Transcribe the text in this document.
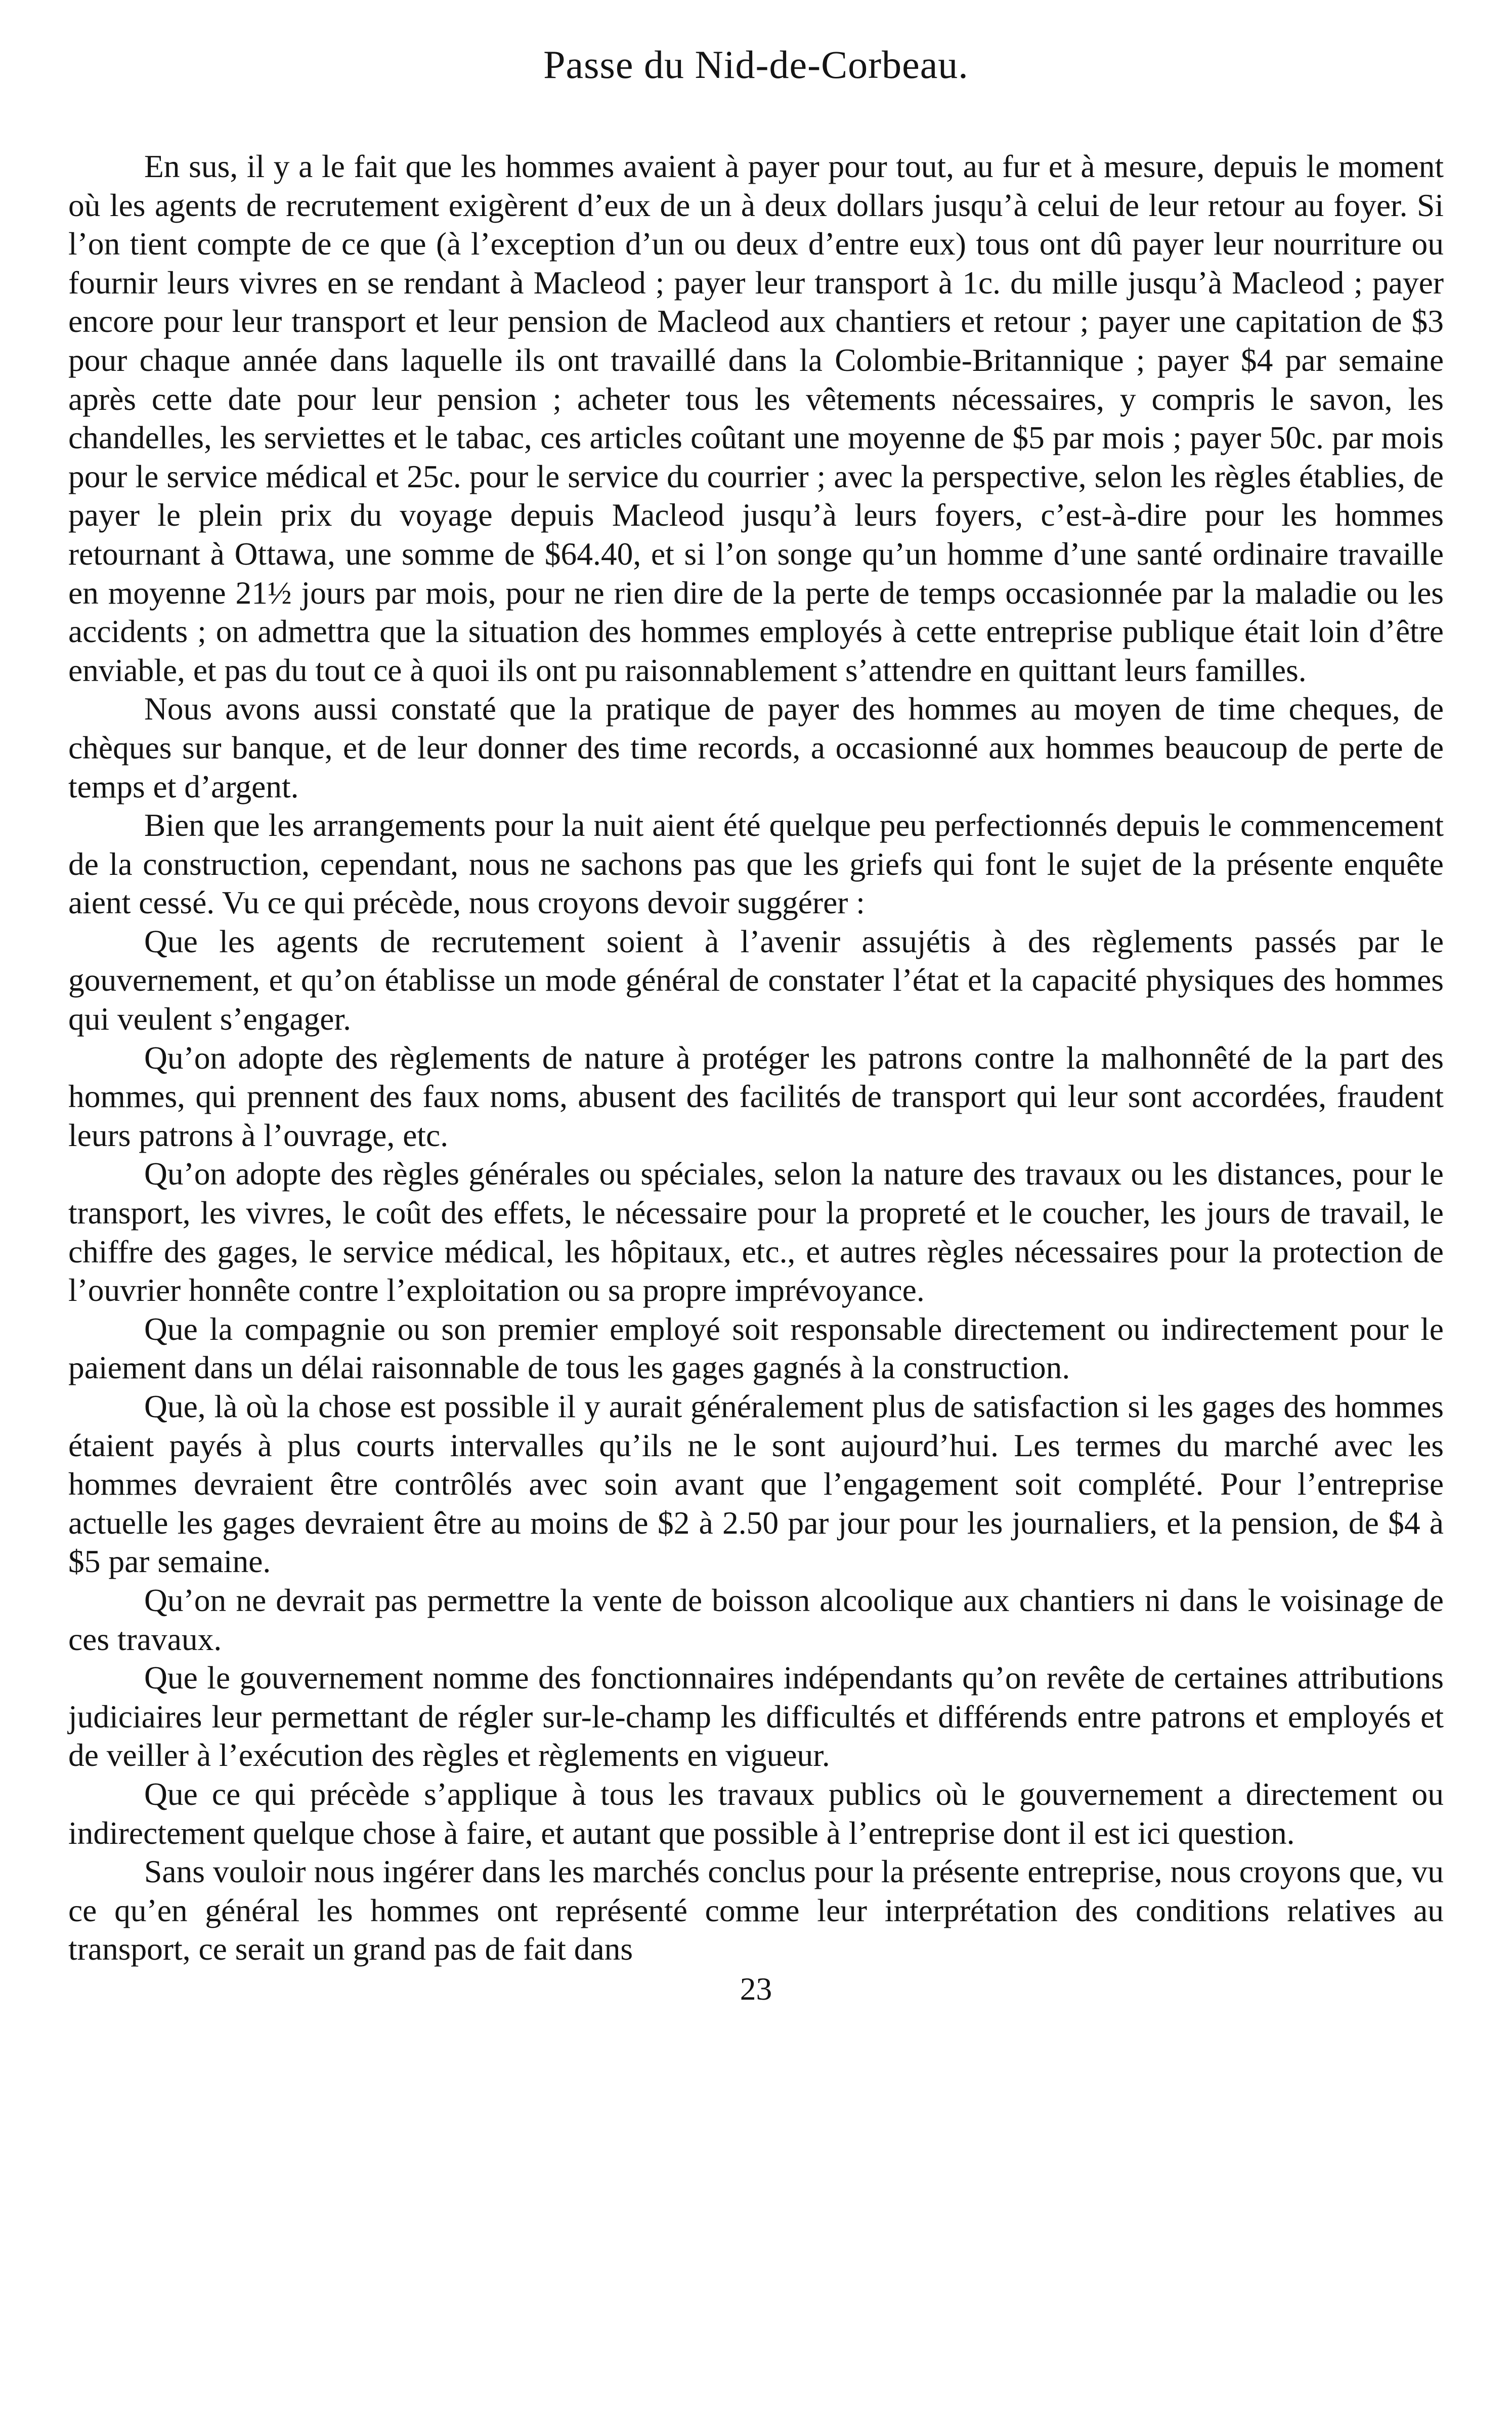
Passe du Nid-de-Corbeau.

En sus, il y a le fait que les hommes avaient à payer pour tout, au fur et à mesure, depuis le moment où les agents de recrutement exigèrent d’eux de un à deux dollars jusqu’à celui de leur retour au foyer. Si l’on tient compte de ce que (à l’exception d’un ou deux d’entre eux) tous ont dû payer leur nourriture ou fournir leurs vivres en se rendant à Macleod ; payer leur transport à 1c. du mille jusqu’à Macleod ; payer encore pour leur transport et leur pension de Macleod aux chantiers et retour ; payer une capitation de $3 pour chaque année dans laquelle ils ont travaillé dans la Colombie-Britannique ; payer $4 par semaine après cette date pour leur pension ; acheter tous les vêtements nécessaires, y compris le savon, les chandelles, les serviettes et le tabac, ces articles coûtant une moyenne de $5 par mois ; payer 50c. par mois pour le service médical et 25c. pour le service du courrier ; avec la perspective, selon les règles établies, de payer le plein prix du voyage depuis Macleod jusqu’à leurs foyers, c’est-à-dire pour les hommes retournant à Ottawa, une somme de $64.40, et si l’on songe qu’un homme d’une santé ordinaire travaille en moyenne 21½ jours par mois, pour ne rien dire de la perte de temps occasionnée par la maladie ou les accidents ; on admettra que la situation des hommes employés à cette entreprise publique était loin d’être enviable, et pas du tout ce à quoi ils ont pu raisonnablement s’attendre en quittant leurs familles.

Nous avons aussi constaté que la pratique de payer des hommes au moyen de time cheques, de chèques sur banque, et de leur donner des time records, a occasionné aux hommes beaucoup de perte de temps et d’argent.

Bien que les arrangements pour la nuit aient été quelque peu perfectionnés depuis le commencement de la construction, cependant, nous ne sachons pas que les griefs qui font le sujet de la présente enquête aient cessé. Vu ce qui précède, nous croyons devoir suggérer :

Que les agents de recrutement soient à l’avenir assujétis à des règlements passés par le gouvernement, et qu’on établisse un mode général de constater l’état et la capacité physiques des hommes qui veulent s’engager.

Qu’on adopte des règlements de nature à protéger les patrons contre la malhonnêté de la part des hommes, qui prennent des faux noms, abusent des facilités de transport qui leur sont accordées, fraudent leurs patrons à l’ouvrage, etc.

Qu’on adopte des règles générales ou spéciales, selon la nature des travaux ou les distances, pour le transport, les vivres, le coût des effets, le nécessaire pour la propreté et le coucher, les jours de travail, le chiffre des gages, le service médical, les hôpitaux, etc., et autres règles nécessaires pour la protection de l’ouvrier honnête contre l’exploitation ou sa propre imprévoyance.

Que la compagnie ou son premier employé soit responsable directement ou indirectement pour le paiement dans un délai raisonnable de tous les gages gagnés à la construction.

Que, là où la chose est possible il y aurait généralement plus de satisfaction si les gages des hommes étaient payés à plus courts intervalles qu’ils ne le sont aujourd’hui. Les termes du marché avec les hommes devraient être contrôlés avec soin avant que l’engagement soit complété. Pour l’entreprise actuelle les gages devraient être au moins de $2 à 2.50 par jour pour les journaliers, et la pension, de $4 à $5 par semaine.

Qu’on ne devrait pas permettre la vente de boisson alcoolique aux chantiers ni dans le voisinage de ces travaux.

Que le gouvernement nomme des fonctionnaires indépendants qu’on revête de certaines attributions judiciaires leur permettant de régler sur-le-champ les difficultés et différends entre patrons et employés et de veiller à l’exécution des règles et règlements en vigueur.

Que ce qui précède s’applique à tous les travaux publics où le gouvernement a directement ou indirectement quelque chose à faire, et autant que possible à l’entreprise dont il est ici question.

Sans vouloir nous ingérer dans les marchés conclus pour la présente entreprise, nous croyons que, vu ce qu’en général les hommes ont représenté comme leur interprétation des conditions relatives au transport, ce serait un grand pas de fait dans

23
